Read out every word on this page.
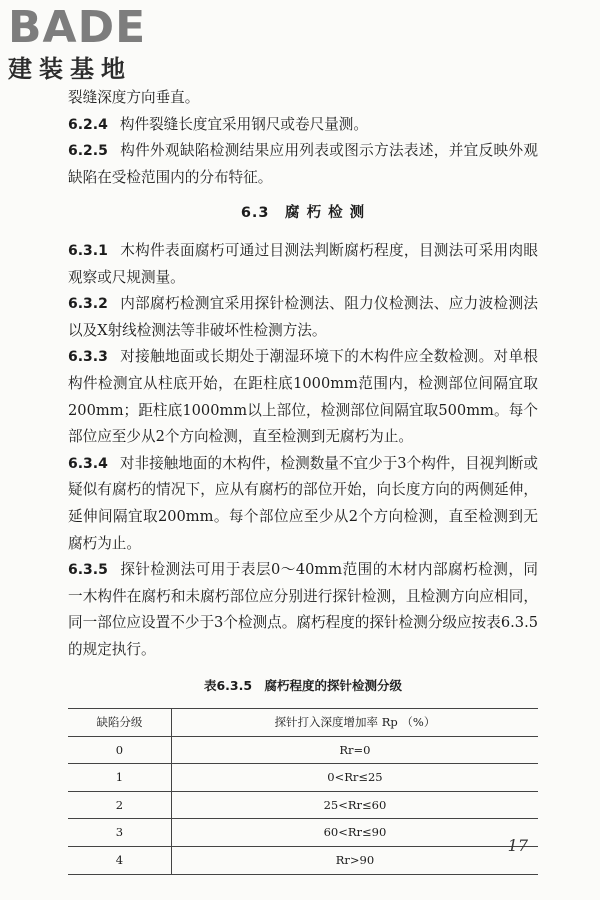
BADE
建装基地

裂缝深度方向垂直。

6.2.4 构件裂缝长度宜采用钢尺或卷尺量测。

6.2.5 构件外观缺陷检测结果应用列表或图示方法表述，并宜反映外观缺陷在受检范围内的分布特征。

6.3　腐 朽 检 测

6.3.1 木构件表面腐朽可通过目测法判断腐朽程度，目测法可采用肉眼观察或尺规测量。

6.3.2 内部腐朽检测宜采用探针检测法、阻力仪检测法、应力波检测法以及X射线检测法等非破坏性检测方法。

6.3.3 对接触地面或长期处于潮湿环境下的木构件应全数检测。对单根构件检测宜从柱底开始，在距柱底1000mm范围内，检测部位间隔宜取200mm；距柱底1000mm以上部位，检测部位间隔宜取500mm。每个部位应至少从2个方向检测，直至检测到无腐朽为止。

6.3.4 对非接触地面的木构件，检测数量不宜少于3个构件，目视判断或疑似有腐朽的情况下，应从有腐朽的部位开始，向长度方向的两侧延伸，延伸间隔宜取200mm。每个部位应至少从2个方向检测，直至检测到无腐朽为止。

6.3.5 探针检测法可用于表层0～40mm范围的木材内部腐朽检测，同一木构件在腐朽和未腐朽部位应分别进行探针检测，且检测方向应相同，同一部位应设置不少于3个检测点。腐朽程度的探针检测分级应按表6.3.5的规定执行。

表6.3.5　腐朽程度的探针检测分级
缺陷分级	探针打入深度增加率 Rp （%）
0	Rr=0
1	0<Rr≤25
2	25<Rr≤60
3	60<Rr≤90
4	Rr>90
17
